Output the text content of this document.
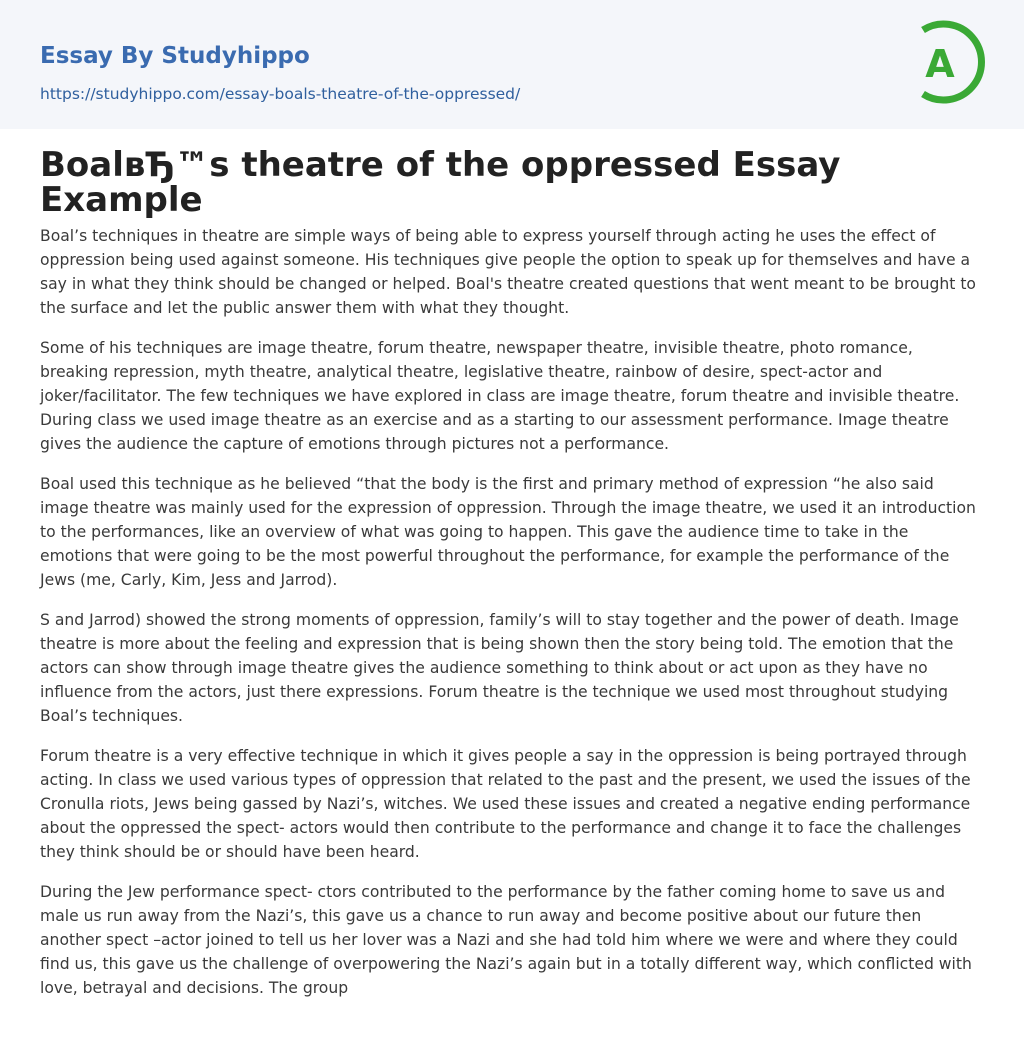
Essay By Studyhippo
https://studyhippo.com/essay-boals-theatre-of-the-oppressed/
A
BoalвЂ™s theatre of the oppressed Essay Example

Boal’s techniques in theatre are simple ways of being able to express yourself through acting he uses the effect of oppression being used against someone. His techniques give people the option to speak up for themselves and have a say in what they think should be changed or helped. Boal's theatre created questions that went meant to be brought to the surface and let the public answer them with what they thought.

Some of his techniques are image theatre, forum theatre, newspaper theatre, invisible theatre, photo romance, breaking repression, myth theatre, analytical theatre, legislative theatre, rainbow of desire, spect-actor and joker/facilitator. The few techniques we have explored in class are image theatre, forum theatre and invisible theatre. During class we used image theatre as an exercise and as a starting to our assessment performance. Image theatre gives the audience the capture of emotions through pictures not a performance.

Boal used this technique as he believed “that the body is the first and primary method of expression “he also said image theatre was mainly used for the expression of oppression. Through the image theatre, we used it an introduction to the performances, like an overview of what was going to happen. This gave the audience time to take in the emotions that were going to be the most powerful throughout the performance, for example the performance of the Jews (me, Carly, Kim, Jess and Jarrod).

S and Jarrod) showed the strong moments of oppression, family’s will to stay together and the power of death. Image theatre is more about the feeling and expression that is being shown then the story being told. The emotion that the actors can show through image theatre gives the audience something to think about or act upon as they have no influence from the actors, just there expressions. Forum theatre is the technique we used most throughout studying Boal’s techniques.

Forum theatre is a very effective technique in which it gives people a say in the oppression is being portrayed through acting. In class we used various types of oppression that related to the past and the present, we used the issues of the Cronulla riots, Jews being gassed by Nazi’s, witches. We used these issues and created a negative ending performance about the oppressed the spect- actors would then contribute to the performance and change it to face the challenges they think should be or should have been heard.

During the Jew performance spect- ctors contributed to the performance by the father coming home to save us and male us run away from the Nazi’s, this gave us a chance to run away and become positive about our future then another spect –actor joined to tell us her lover was a Nazi and she had told him where we were and where they could find us, this gave us the challenge of overpowering the Nazi’s again but in a totally different way, which conflicted with love, betrayal and decisions. The group
